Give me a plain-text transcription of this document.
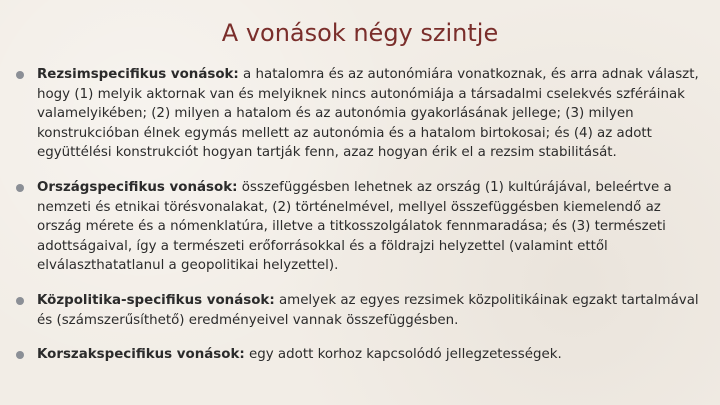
A vonások négy szintje
Rezsimspecifikus vonások: a hatalomra és az autonómiára vonatkoznak, és arra adnak választ, hogy (1) melyik aktornak van és melyiknek nincs autonómiája a társadalmi cselekvés szféráinak valamelyikében; (2) milyen a hatalom és az autonómia gyakorlásának jellege; (3) milyen konstrukcióban élnek egymás mellett az autonómia és a hatalom birtokosai; és (4) az adott együttélési konstrukciót hogyan tartják fenn, azaz hogyan érik el a rezsim stabilitását.
Országspecifikus vonások: összefüggésben lehetnek az ország (1) kultúrájával, beleértve a nemzeti és etnikai törésvonalakat, (2) történelmével, mellyel összefüggésben kiemelendő az ország mérete és a nómenklatúra, illetve a titkosszolgálatok fennmaradása; és (3) természeti adottságaival, így a természeti erőforrásokkal és a földrajzi helyzettel (valamint ettől elválaszthatatlanul a geopolitikai helyzettel).
Közpolitika-specifikus vonások: amelyek az egyes rezsimek közpolitikáinak egzakt tartalmával és (számszerűsíthető) eredményeivel vannak összefüggésben.
Korszakspecifikus vonások: egy adott korhoz kapcsolódó jellegzetességek.
